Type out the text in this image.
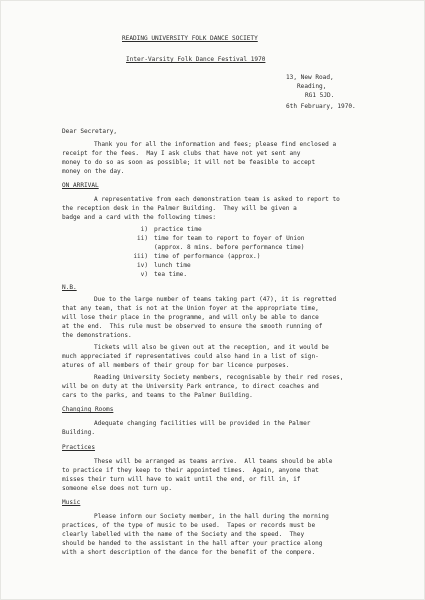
READING UNIVERSITY FOLK DANCE SOCIETY
Inter-Varsity Folk Dance Festival 1970
13, New Road,
Reading,
RG1 5JD.
6th February, 1970.
Dear Secretary,
Thank you for all the information and fees; please find enclosed a
receipt for the fees.  May I ask clubs that have not yet sent any
money to do so as soon as possible; it will not be feasible to accept
money on the day.
ON ARRIVAL
A representative from each demonstration team is asked to report to
the reception desk in the Palmer Building.  They will be given a
badge and a card with the following times:
i) practice time
ii) time for team to report to foyer of Union
(approx. 8 mins. before performance time)
iii) time of performance (approx.)
iv) lunch time
v) tea time.
N.B.
Due to the large number of teams taking part (47), it is regretted
that any team, that is not at the Union foyer at the appropriate time,
will lose their place in the programme, and will only be able to dance
at the end.  This rule must be observed to ensure the smooth running of
the demonstrations.
Tickets will also be given out at the reception, and it would be
much appreciated if representatives could also hand in a list of sign-
atures of all members of their group for bar licence purposes.
Reading University Society members, recognisable by their red roses,
will be on duty at the University Park entrance, to direct coaches and
cars to the parks, and teams to the Palmer Building.
Changing Rooms
Adequate changing facilities will be provided in the Palmer
Building.
Practices
These will be arranged as teams arrive.  All teams should be able
to practice if they keep to their appointed times.  Again, anyone that
misses their turn will have to wait until the end, or fill in, if
someone else does not turn up.
Music
Please inform our Society member, in the hall during the morning
practices, of the type of music to be used.  Tapes or records must be
clearly labelled with the name of the Society and the speed.  They
should be handed to the assistant in the hall after your practice along
with a short description of the dance for the benefit of the compere.
